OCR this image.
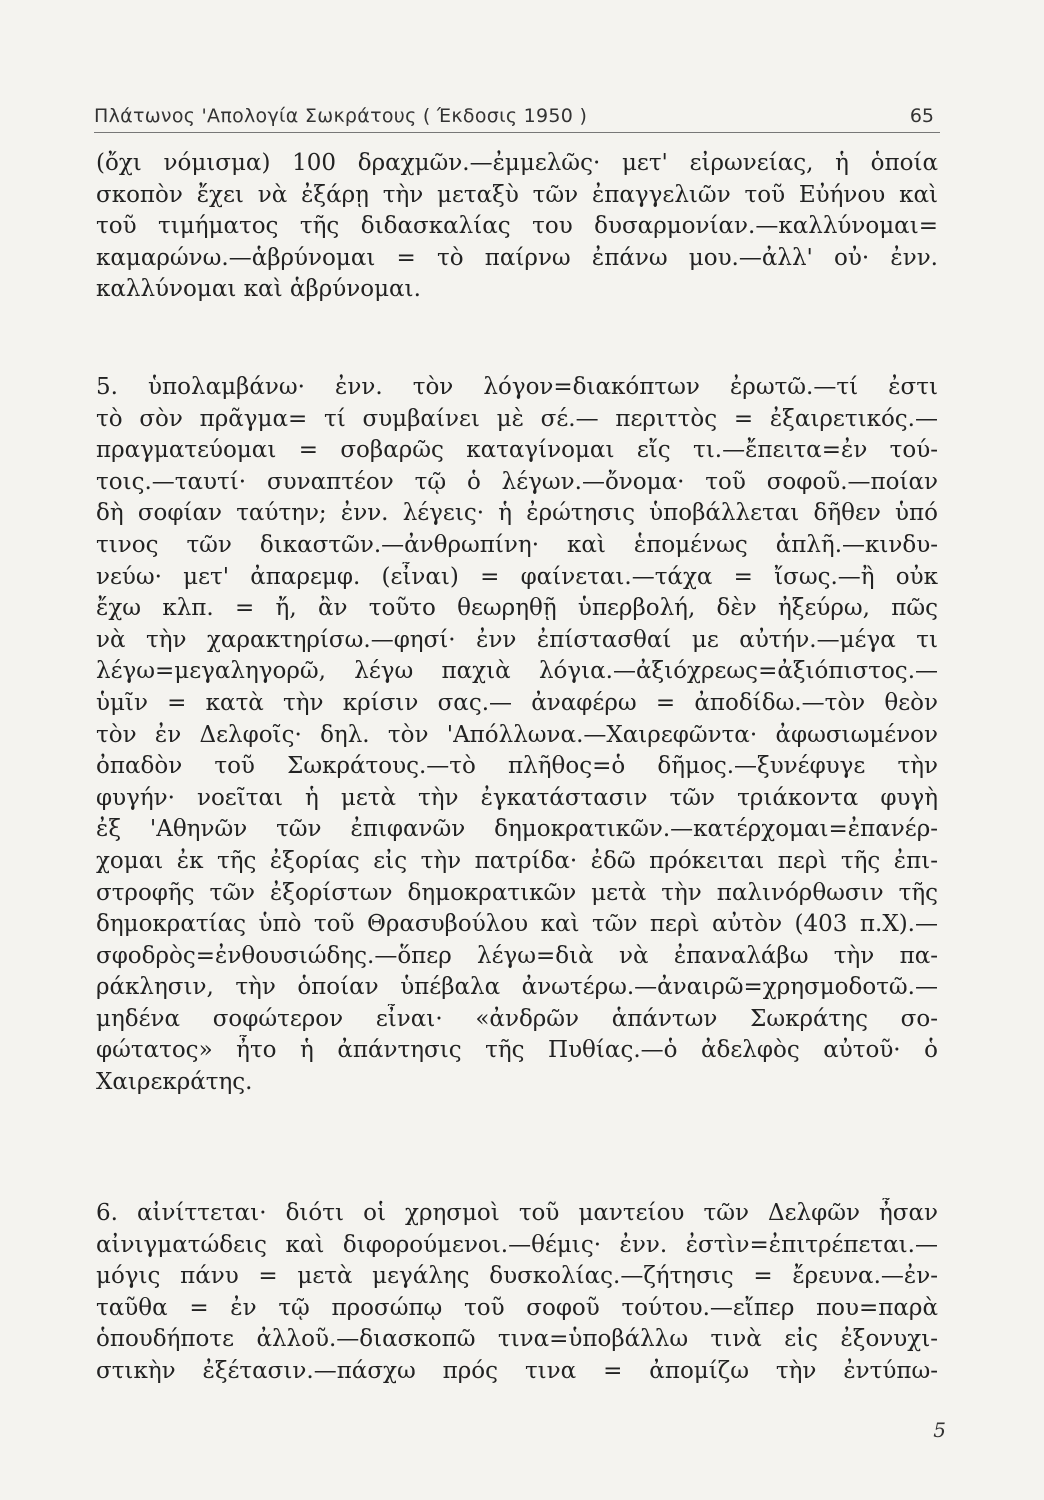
Πλάτωνος 'Απολογία Σωκράτους ( Έκδοσις 1950 )	65
(ὄχι νόμισμα) 100 δραχμῶν.—ἐμμελῶς· μετ' εἰρωνείας, ἡ ὁποία
σκοπὸν ἔχει νὰ ἐξάρῃ τὴν μεταξὺ τῶν ἐπαγγελιῶν τοῦ Εὐήνου καὶ
τοῦ τιμήματος τῆς διδασκαλίας του δυσαρμονίαν.—καλλύνομαι=
καμαρώνω.—ἁβρύνομαι = τὸ παίρνω ἐπάνω μου.—ἀλλ' οὐ· ἐνν.
καλλύνομαι καὶ ἁβρύνομαι.
5. ὑπολαμβάνω· ἐνν. τὸν λόγον=διακόπτων ἐρωτῶ.—τί ἐστι
τὸ σὸν πρᾶγμα= τί συμβαίνει μὲ σέ.— περιττὸς = ἐξαιρετικός.—
πραγματεύομαι = σοβαρῶς καταγίνομαι εἴς τι.—ἔπειτα=ἐν τού-
τοις.—ταυτί· συναπτέον τῷ ὁ λέγων.—ὄνομα· τοῦ σοφοῦ.—ποίαν
δὴ σοφίαν ταύτην; ἐνν. λέγεις· ἡ ἐρώτησις ὑποβάλλεται δῆθεν ὑπό
τινος τῶν δικαστῶν.—ἀνθρωπίνη· καὶ ἑπομένως ἁπλῆ.—κινδυ-
νεύω· μετ' ἀπαρεμφ. (εἶναι) = φαίνεται.—τάχα = ἴσως.—ἢ οὐκ
ἔχω κλπ. = ἤ, ἂν τοῦτο θεωρηθῇ ὑπερβολή, δὲν ἠξεύρω, πῶς
νὰ τὴν χαρακτηρίσω.—φησί· ἐνν ἐπίστασθαί με αὐτήν.—μέγα τι
λέγω=μεγαληγορῶ, λέγω παχιὰ λόγια.—ἀξιόχρεως=ἀξιόπιστος.—
ὑμῖν = κατὰ τὴν κρίσιν σας.— ἀναφέρω = ἀποδίδω.—τὸν θεὸν
τὸν ἐν Δελφοῖς· δηλ. τὸν 'Απόλλωνα.—Χαιρεφῶντα· ἀφωσιωμένον
ὀπαδὸν τοῦ Σωκράτους.—τὸ πλῆθος=ὁ δῆμος.—ξυνέφυγε τὴν
φυγήν· νοεῖται ἡ μετὰ τὴν ἐγκατάστασιν τῶν τριάκοντα φυγὴ
ἐξ 'Αθηνῶν τῶν ἐπιφανῶν δημοκρατικῶν.—κατέρχομαι=ἐπανέρ-
χομαι ἐκ τῆς ἐξορίας εἰς τὴν πατρίδα· ἐδῶ πρόκειται περὶ τῆς ἐπι-
στροφῆς τῶν ἐξορίστων δημοκρατικῶν μετὰ τὴν παλινόρθωσιν τῆς
δημοκρατίας ὑπὸ τοῦ Θρασυβούλου καὶ τῶν περὶ αὐτὸν (403 π.Χ).—
σφοδρὸς=ἐνθουσιώδης.—ὅπερ λέγω=διὰ νὰ ἐπαναλάβω τὴν πα-
ράκλησιν, τὴν ὁποίαν ὑπέβαλα ἀνωτέρω.—ἀναιρῶ=χρησμοδοτῶ.—
μηδένα σοφώτερον εἶναι· «ἀνδρῶν ἁπάντων Σωκράτης σο-
φώτατος» ἦτο ἡ ἀπάντησις τῆς Πυθίας.—ὁ ἀδελφὸς αὐτοῦ· ὁ
Χαιρεκράτης.
6. αἰνίττεται· διότι οἱ χρησμοὶ τοῦ μαντείου τῶν Δελφῶν ἦσαν
αἰνιγματώδεις καὶ διφορούμενοι.—θέμις· ἐνν. ἐστὶν=ἐπιτρέπεται.—
μόγις πάνυ = μετὰ μεγάλης δυσκολίας.—ζήτησις = ἔρευνα.—ἐν-
ταῦθα = ἐν τῷ προσώπῳ τοῦ σοφοῦ τούτου.—εἴπερ που=παρὰ
ὁπουδήποτε ἀλλοῦ.—διασκοπῶ τινα=ὑποβάλλω τινὰ εἰς ἐξονυχι-
στικὴν ἐξέτασιν.—πάσχω πρός τινα = ἀπομίζω τὴν ἐντύπω-
5
